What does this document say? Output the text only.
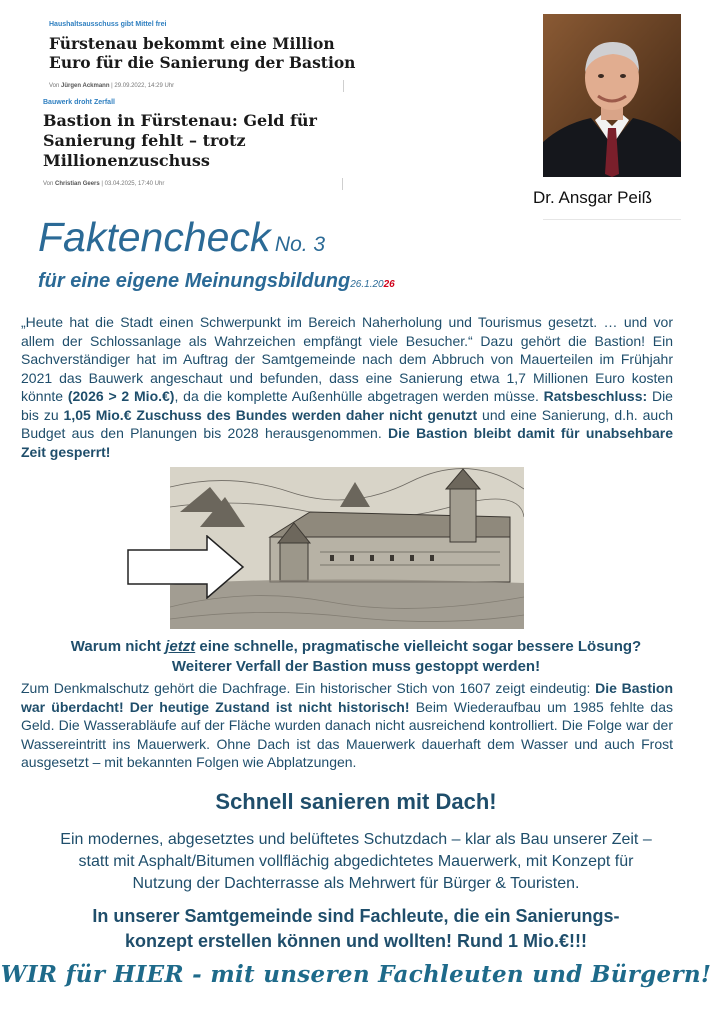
Haushaltsausschuss gibt Mittel frei
Fürstenau bekommt eine Million
Euro für die Sanierung der Bastion
Von Jürgen Ackmann | 29.09.2022, 14:29 Uhr
Bauwerk droht Zerfall
Bastion in Fürstenau: Geld für
Sanierung fehlt – trotz
Millionenzuschuss
Von Christian Geers | 03.04.2025, 17:40 Uhr
Dr. Ansgar Peiß
Faktencheck No. 3
für eine eigene Meinungsbildung26.1.2026
„Heute hat die Stadt einen Schwerpunkt im Bereich Naherholung und Tourismus gesetzt. … und vor allem der Schlossanlage als Wahrzeichen empfängt viele Besucher.“ Dazu gehört die Bastion! Ein Sachverständiger hat im Auftrag der Samtgemeinde nach dem Abbruch von Mauerteilen im Frühjahr 2021 das Bauwerk angeschaut und befunden, dass eine Sanierung etwa 1,7 Millionen Euro kosten könnte (2026 > 2 Mio.€), da die komplette Außenhülle abgetragen werden müsse. Ratsbeschluss: Die bis zu 1,05 Mio.€ Zuschuss des Bundes werden daher nicht genutzt und eine Sanierung, d.h. auch Budget aus den Planungen bis 2028 herausgenommen. Die Bastion bleibt damit für unabsehbare Zeit gesperrt!
Warum nicht jetzt eine schnelle, pragmatische vielleicht sogar bessere Lösung?
Weiterer Verfall der Bastion muss gestoppt werden!
Zum Denkmalschutz gehört die Dachfrage. Ein historischer Stich von 1607 zeigt eindeutig: Die Bastion war überdacht! Der heutige Zustand ist nicht historisch! Beim Wiederaufbau um 1985 fehlte das Geld. Die Wasserabläufe auf der Fläche wurden danach nicht ausreichend kontrolliert. Die Folge war der Wassereintritt ins Mauerwerk. Ohne Dach ist das Mauerwerk dauerhaft dem Wasser und auch Frost ausgesetzt – mit bekannten Folgen wie Abplatzungen.
Schnell sanieren mit Dach!
Ein modernes, abgesetztes und belüftetes Schutzdach – klar als Bau unserer Zeit –
statt mit Asphalt/Bitumen vollflächig abgedichtetes Mauerwerk, mit Konzept für
Nutzung der Dachterrasse als Mehrwert für Bürger & Touristen.
In unserer Samtgemeinde sind Fachleute, die ein Sanierungs-
konzept erstellen können und wollten! Rund 1 Mio.€!!!
WIR für HIER - mit unseren Fachleuten und Bürgern!
